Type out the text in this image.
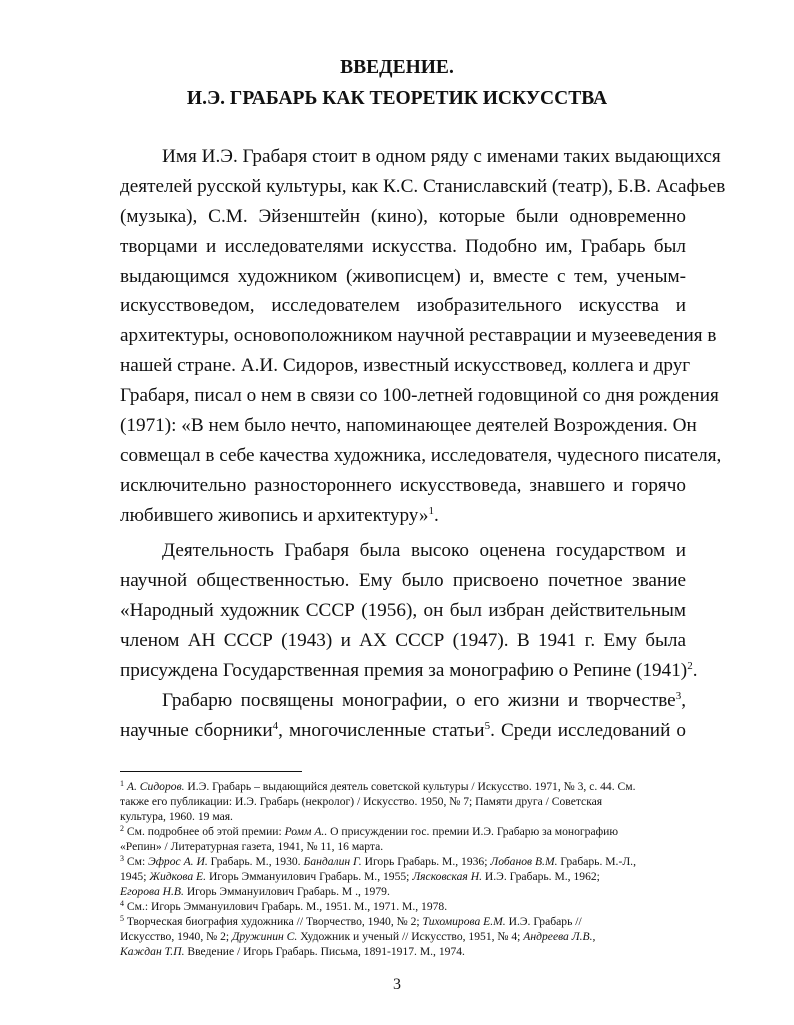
ВВЕДЕНИЕ.
И.Э. ГРАБАРЬ КАК ТЕОРЕТИК ИСКУССТВА
Имя И.Э. Грабаря стоит в одном ряду с именами таких выдающихся
деятелей русской культуры, как К.С. Станиславский (театр), Б.В. Асафьев
(музыка), С.М. Эйзенштейн (кино), которые были одновременно
творцами и исследователями искусства. Подобно им, Грабарь был
выдающимся художником (живописцем) и, вместе с тем, ученым-
искусствоведом, исследователем изобразительного искусства и
архитектуры, основоположником научной реставрации и музееведения в
нашей стране. А.И. Сидоров, известный искусствовед, коллега и друг
Грабаря, писал о нем в связи со 100-летней годовщиной со дня рождения
(1971): «В нем было нечто, напоминающее деятелей Возрождения. Он
совмещал в себе качества художника, исследователя, чудесного писателя,
исключительно разностороннего искусствоведа, знавшего и горячо
любившего живопись и архитектуру»$^1$.
Деятельность Грабаря была высоко оценена государством и
научной общественностью. Ему было присвоено почетное звание
«Народный художник СССР (1956), он был избран действительным
членом АН СССР (1943) и АХ СССР (1947). В 1941 г. Ему была
присуждена Государственная премия за монографию о Репине $(1941)^2$.
Грабарю посвящены монографии, о его жизни и творчестве$^3$,
научные сборники$^4$, многочисленные статьи$^5$. Среди исследований о
$^1$ А. Сидоров. И.Э. Грабарь – выдающийся деятель советской культуры / Искусство. 1971, № 3, с. 44. См.
также его публикации: И.Э. Грабарь (некролог) / Искусство. 1950, № 7; Памяти друга / Советская
культура, 1960. 19 мая.
$^2$ См. подробнее об этой премии: Ромм А.. О присуждении гос. премии И.Э. Грабарю за монографию
«Репин» / Литературная газета, 1941, № 11, 16 марта.
$^3$ См: Эфрос А. И. Грабарь. М., 1930. Бандалин Г. Игорь Грабарь. М., 1936; Лобанов В.М. Грабарь. М.-Л.,
1945; Жидкова Е. Игорь Эммануилович Грабарь. М., 1955; Лясковская Н. И.Э. Грабарь. М., 1962;
Егорова Н.В. Игорь Эммануилович Грабарь. М ., 1979.
$^4$ См.: Игорь Эммануилович Грабарь. М., 1951. М., 1971. М., 1978.
$^5$ Творческая биография художника // Творчество, 1940, № 2; Тихомирова Е.М. И.Э. Грабарь //
Искусство, 1940, № 2; Дружинин С. Художник и ученый // Искусство, 1951, № 4; Андреева Л.В.,
Каждан Т.П. Введение / Игорь Грабарь. Письма, 1891-1917. М., 1974.
3
